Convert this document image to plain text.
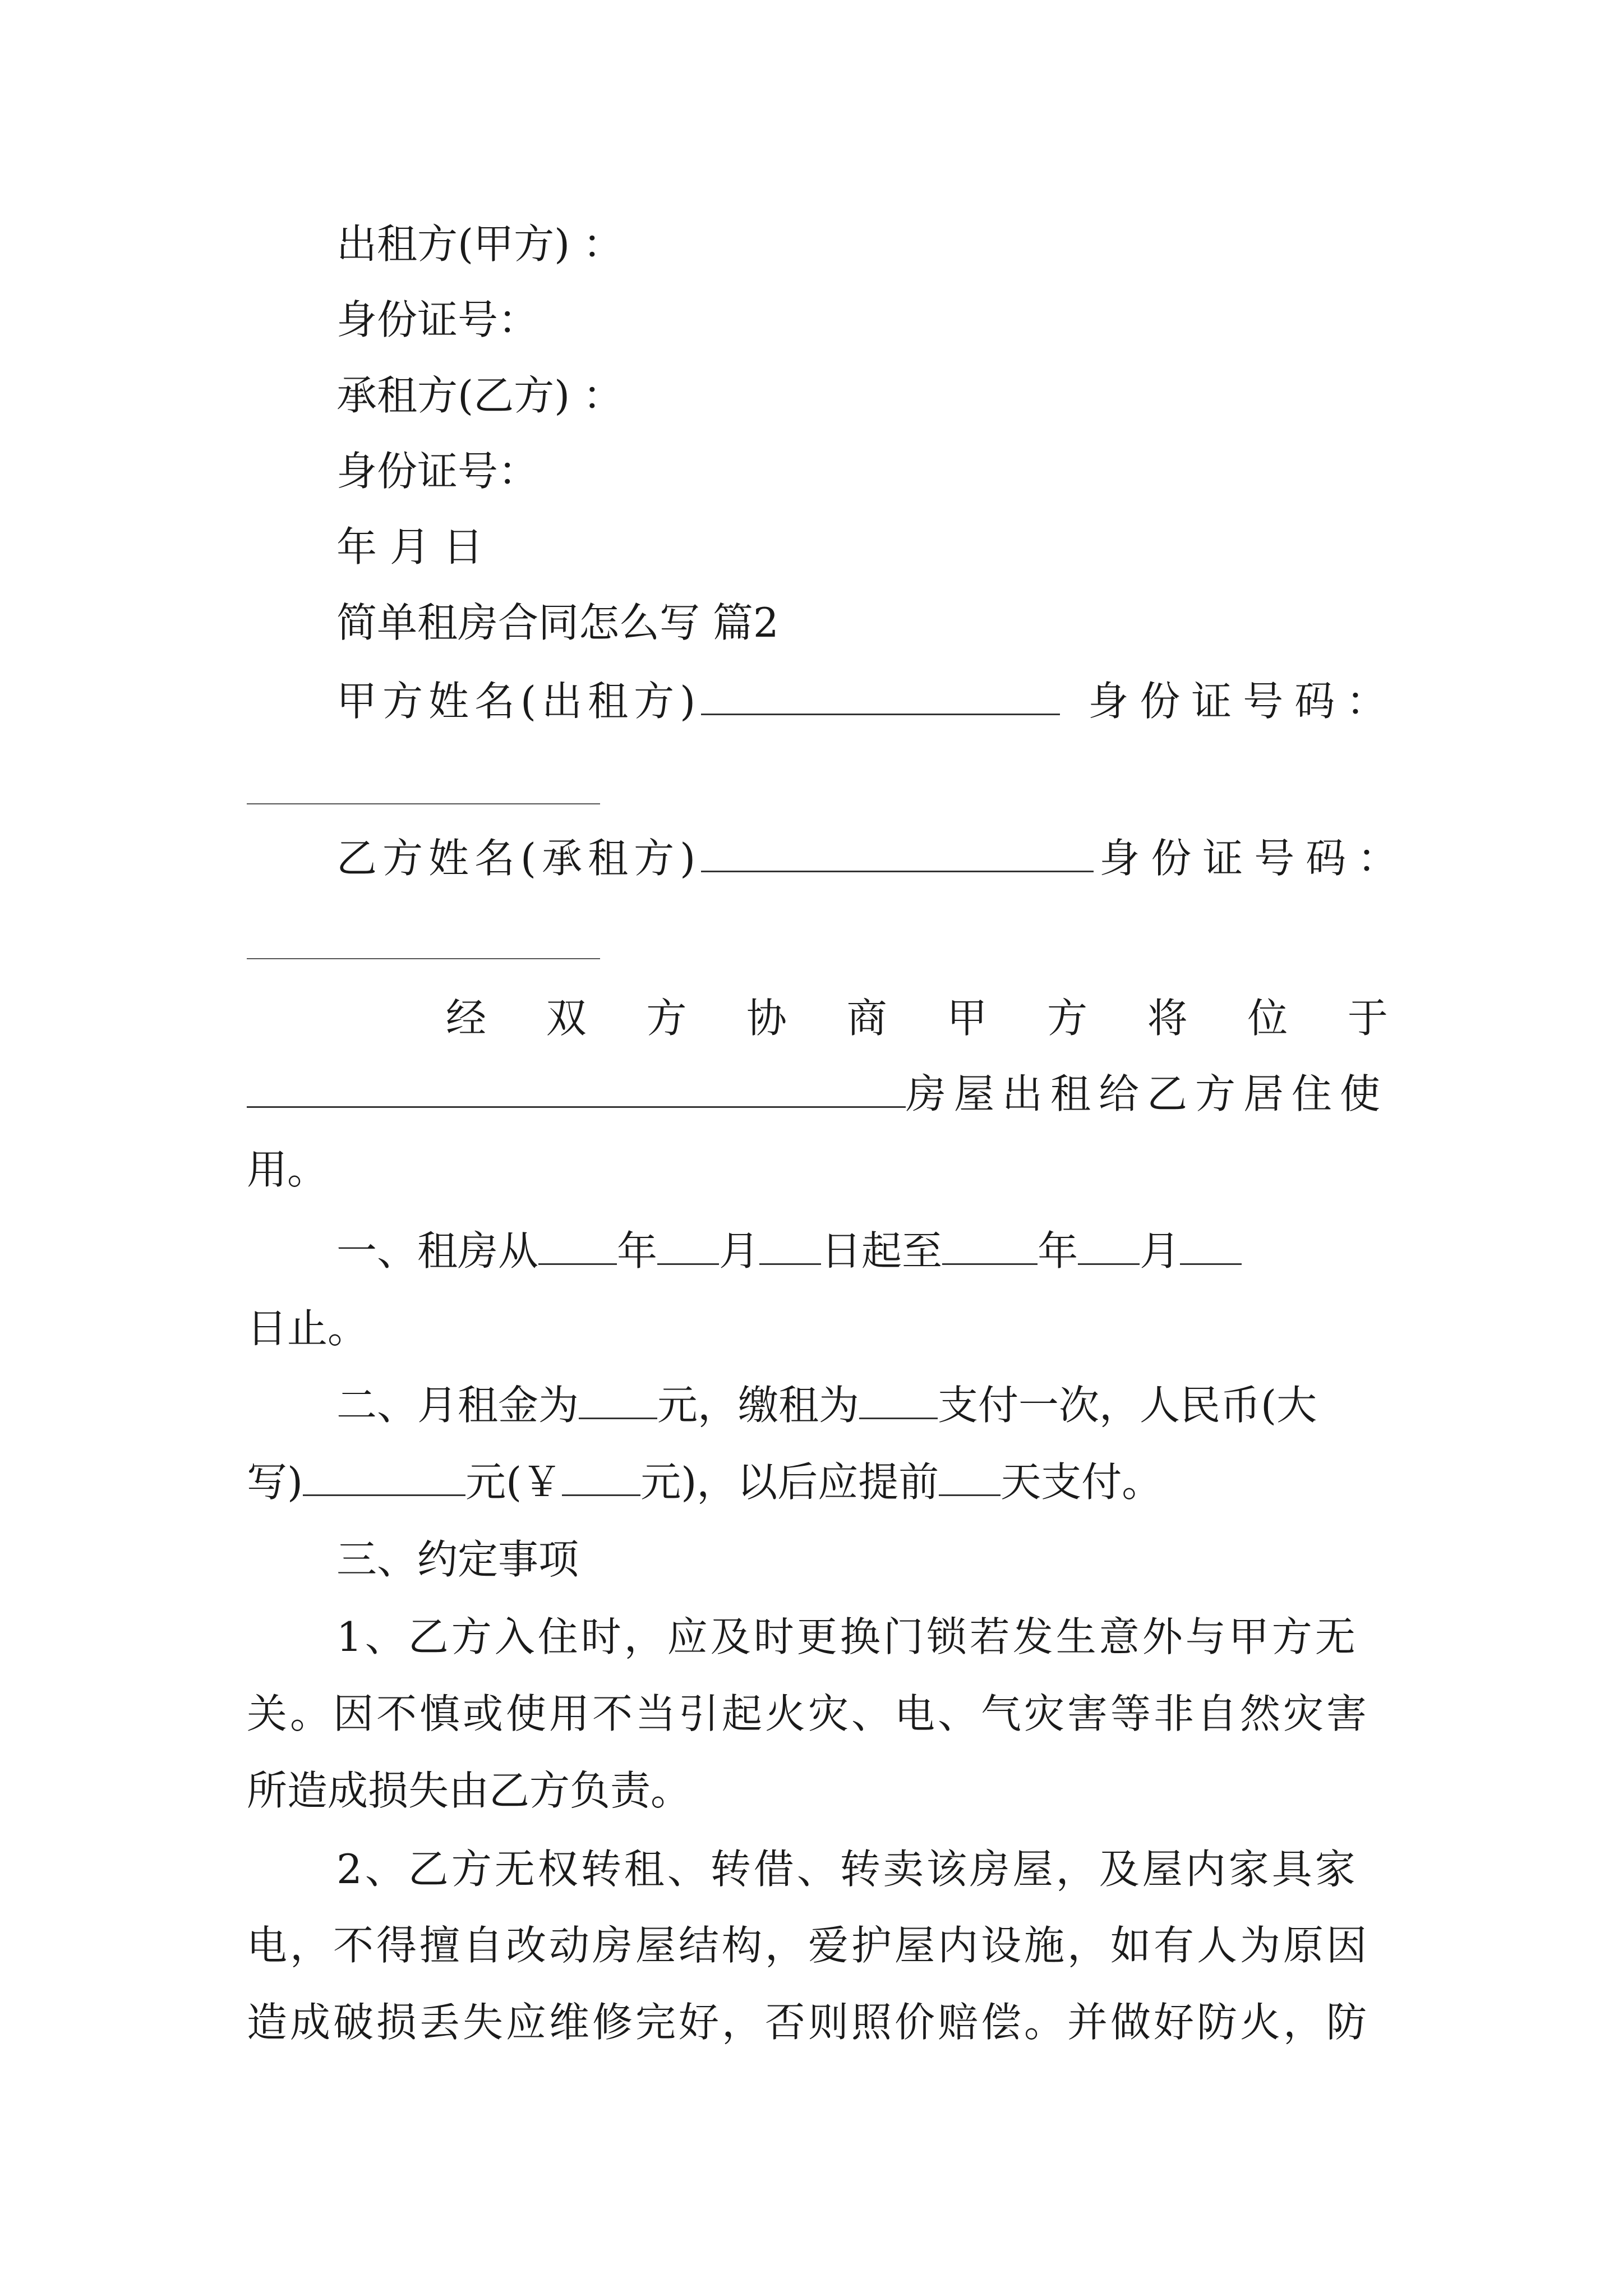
出租方(甲方) ：

身份证号：

承租方(乙方) ：

身份证号：

年 月 日

简单租房合同怎么写 篇2

甲方姓名(出租方)	身份证号码：

乙方姓名(承租方)	身份证号码：

经 双 方 协 商 甲 方 将 位 于

房屋出租给乙方居住使

用。

一、租房从 年 月 日起至 年 月

日止。

二、月租金为 元，缴租为 支付一次，人民币(大

写)	元(￥ 元)，以后应提前 天支付。

三、约定事项

1、乙方入住时，应及时更换门锁若发生意外与甲方无

关。因不慎或使用不当引起火灾、电、气灾害等非自然灾害

所造成损失由乙方负责。

2、乙方无权转租、转借、转卖该房屋，及屋内家具家

电，不得擅自改动房屋结构，爱护屋内设施，如有人为原因

造成破损丢失应维修完好，否则照价赔偿。并做好防火，防
